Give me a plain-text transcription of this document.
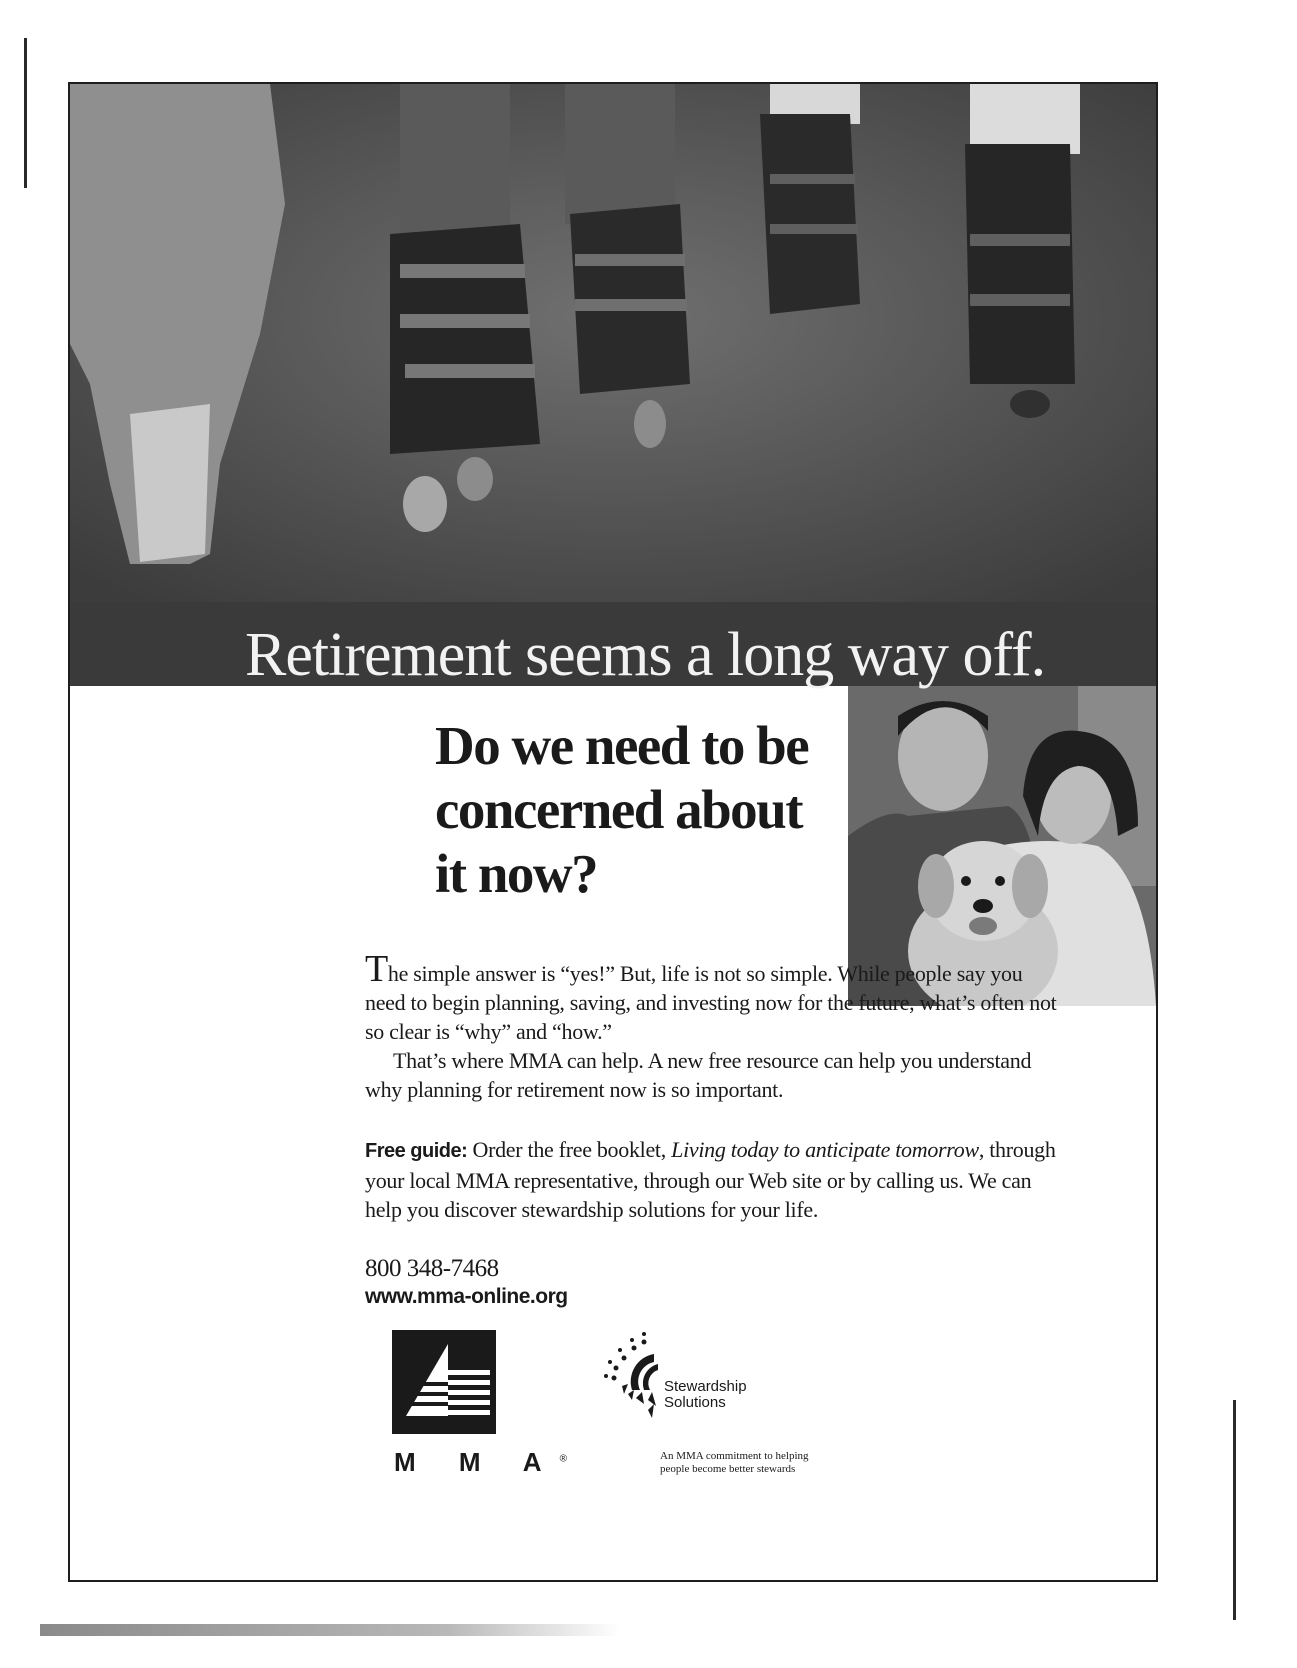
Retirement seems a long way off.
Do we need to be concerned about it now?

The simple answer is “yes!” But, life is not so simple. While people say you need to begin planning, saving, and investing now for the future, what’s often not so clear is “why” and “how.”

That’s where MMA can help. A new free resource can help you understand why planning for retirement now is so important.

Free guide: Order the free booklet, Living today to anticipate tomorrow, through your local MMA representative, through our Web site or by calling us. We can help you discover stewardship solutions for your life.

800 348-7468
www.mma-online.org
M M A®
Stewardship
Solutions
An MMA commitment to helping
people become better stewards
